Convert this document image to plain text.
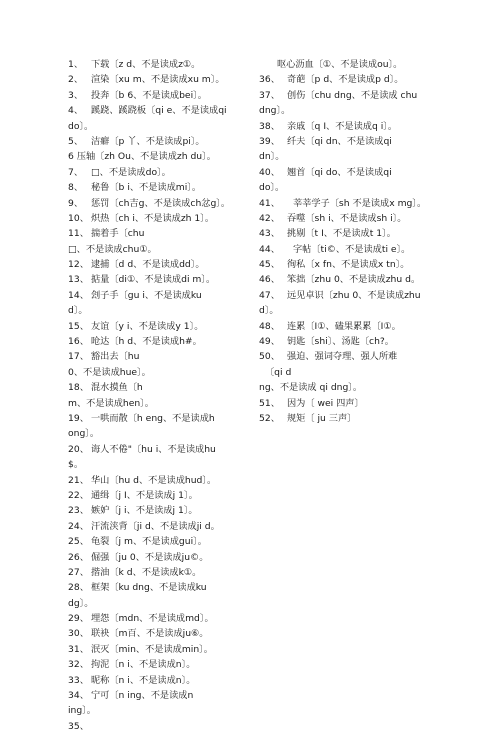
1、 下载〔z d、不是读成z①。
2、 渲染〔xu m、不是读成xu m〕。
3、 投奔〔b 6、不是读成bei〕。
4、 蹊跷、蹊跷板〔qi e、不是读成qi
do〕。
5、 洁癖〔p 丫、不是读成pi〕。
6 压轴〔zh Ou、不是读成zh du〕。
7、 □、不是读成do〕。
8、 秘鲁〔b i、不是读成mi〕。
9、 惩罚〔ch吉g、不是读成ch忿g〕。
10、 炽热〔ch i、不是读成zh 1〕。
11、 揣着手〔chu
□、不是读成chu①。
12、 逮捕〔d d、不是读成dd〕。
13、 掂量〔di①、不是读成di m〕。
14、 刽子手〔gu i、不是读成ku
d〕。
15、 友谊〔y i、不是读成y 1〕。
16、 呛达〔h d、不是读成h#。
17、 豁出去〔hu
0、不是读成hue〕。
18、 混水摸鱼〔h
m、不是读成hen〕。
19、 一哄而散〔h eng、不是读成h
ong〕。
20、 诲人不倦"〔hu i、不是读成hu
$。
21、 华山〔hu d、不是读成hud〕。
22、 通缉〔j I、不是读成j 1〕。
23、 嫉妒〔j i、不是读成j 1〕。
24、 汗流浃背〔ji d、不是读成ji d。
25、 龟裂〔j m、不是读成gui〕。
26、 倔强〔ju 0、不是读成ju©。
27、 揩油〔k d、不是读成k①。
28、 框架〔ku dng、不是读成ku
dg〕。
29、 埋怨〔mdn、不是读成md〕。
30、 联袂〔m百、不是读成ju⑥。
31、 泯灭〔min、不是读成min〕。
32、 拘泥〔n i、不是读成n〕。
33、 昵称〔n i、不是读成n〕。
34、 宁可〔n ing、不是读成n
ing〕。
35、
呕心沥血〔①、不是读成ou〕。
36、 奇葩〔p d、不是读成p d〕。
37、 创伤〔chu dng、不是读成 chu
dng〕。
38、 亲戚〔q I、不是读成q i〕。
39、 纤夫〔qi dn、不是读成qi
dn〕。
40、 翘首〔qi do、不是读成qi
do〕。
41、 莘莘学子〔sh 不是读成x mg〕。
42、 吞噬〔sh i、不是读成sh i〕。
43、 挑剔〔t I、不是读成t 1〕。
44、 字帖〔ti©、不是读成ti e〕。
45、 徇私〔x fn、不是读成x tn〕。
46、 笨拙〔zhu 0、不是读成zhu d。
47、 远见卓识〔zhu 0、不是读成zhu
d〕。
48、 连累〔I①、磕果累累〔I①。
49、 钥匙〔shi〕、汤匙〔ch?。
50、 强迫、强词夺理、强人所难
〔qi d
ng、不是读成 qi dng〕。
51、 因为〔 wei 四声〕
52、 规矩〔 ju 三声〕
